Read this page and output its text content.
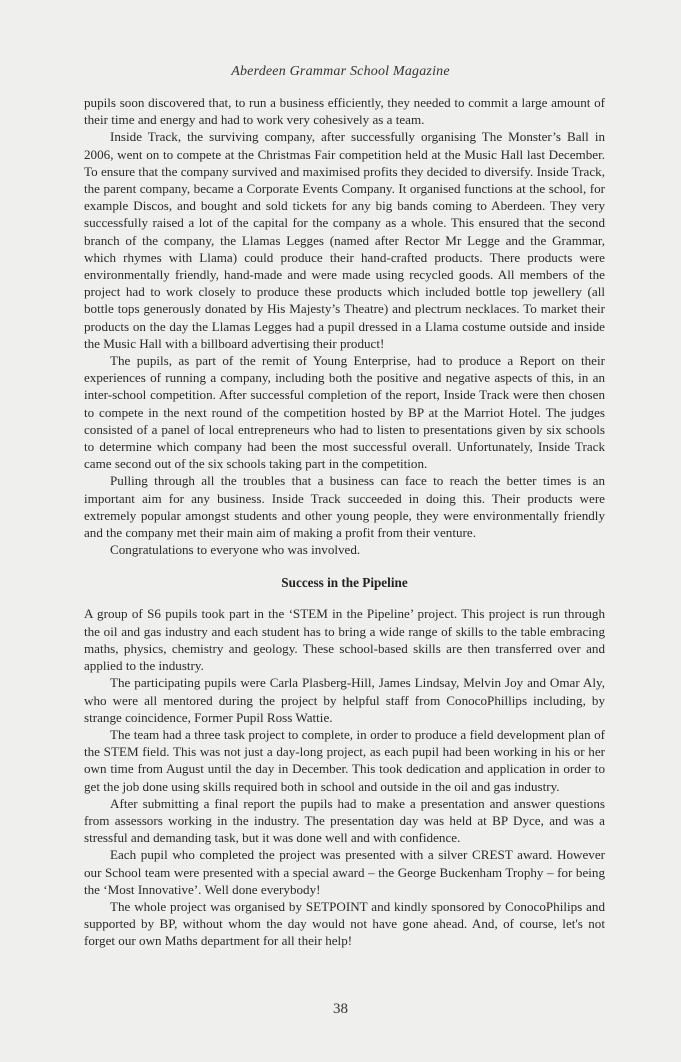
Aberdeen Grammar School Magazine

pupils soon discovered that, to run a business efficiently, they needed to commit a large amount of their time and energy and had to work very cohesively as a team.

Inside Track, the surviving company, after successfully organising The Monster’s Ball in 2006, went on to compete at the Christmas Fair competition held at the Music Hall last December. To ensure that the company survived and maximised profits they decided to diversify. Inside Track, the parent company, became a Corporate Events Company. It organised functions at the school, for example Discos, and bought and sold tickets for any big bands coming to Aberdeen. They very successfully raised a lot of the capital for the company as a whole. This ensured that the second branch of the company, the Llamas Legges (named after Rector Mr Legge and the Grammar, which rhymes with Llama) could produce their hand-crafted products. There products were environmentally friendly, hand-made and were made using recycled goods. All members of the project had to work closely to produce these products which included bottle top jewellery (all bottle tops generously donated by His Majesty’s Theatre) and plectrum necklaces. To market their products on the day the Llamas Legges had a pupil dressed in a Llama costume outside and inside the Music Hall with a billboard advertising their product!

The pupils, as part of the remit of Young Enterprise, had to produce a Report on their experiences of running a company, including both the positive and negative aspects of this, in an inter-school competition. After successful completion of the report, Inside Track were then chosen to compete in the next round of the competition hosted by BP at the Marriot Hotel. The judges consisted of a panel of local entrepreneurs who had to listen to presentations given by six schools to determine which company had been the most successful overall. Unfortunately, Inside Track came second out of the six schools taking part in the competition.

Pulling through all the troubles that a business can face to reach the better times is an important aim for any business. Inside Track succeeded in doing this. Their products were extremely popular amongst students and other young people, they were environmentally friendly and the company met their main aim of making a profit from their venture.

Congratulations to everyone who was involved.

Success in the Pipeline

A group of S6 pupils took part in the ‘STEM in the Pipeline’ project. This project is run through the oil and gas industry and each student has to bring a wide range of skills to the table embracing maths, physics, chemistry and geology. These school-based skills are then transferred over and applied to the industry.

The participating pupils were Carla Plasberg-Hill, James Lindsay, Melvin Joy and Omar Aly, who were all mentored during the project by helpful staff from ConocoPhillips including, by strange coincidence, Former Pupil Ross Wattie.

The team had a three task project to complete, in order to produce a field development plan of the STEM field. This was not just a day-long project, as each pupil had been working in his or her own time from August until the day in December. This took dedication and application in order to get the job done using skills required both in school and outside in the oil and gas industry.

After submitting a final report the pupils had to make a presentation and answer questions from assessors working in the industry. The presentation day was held at BP Dyce, and was a stressful and demanding task, but it was done well and with confidence.

Each pupil who completed the project was presented with a silver CREST award. However our School team were presented with a special award – the George Buckenham Trophy – for being the ‘Most Innovative’. Well done everybody!

The whole project was organised by SETPOINT and kindly sponsored by ConocoPhilips and supported by BP, without whom the day would not have gone ahead. And, of course, let's not forget our own Maths department for all their help!

38
